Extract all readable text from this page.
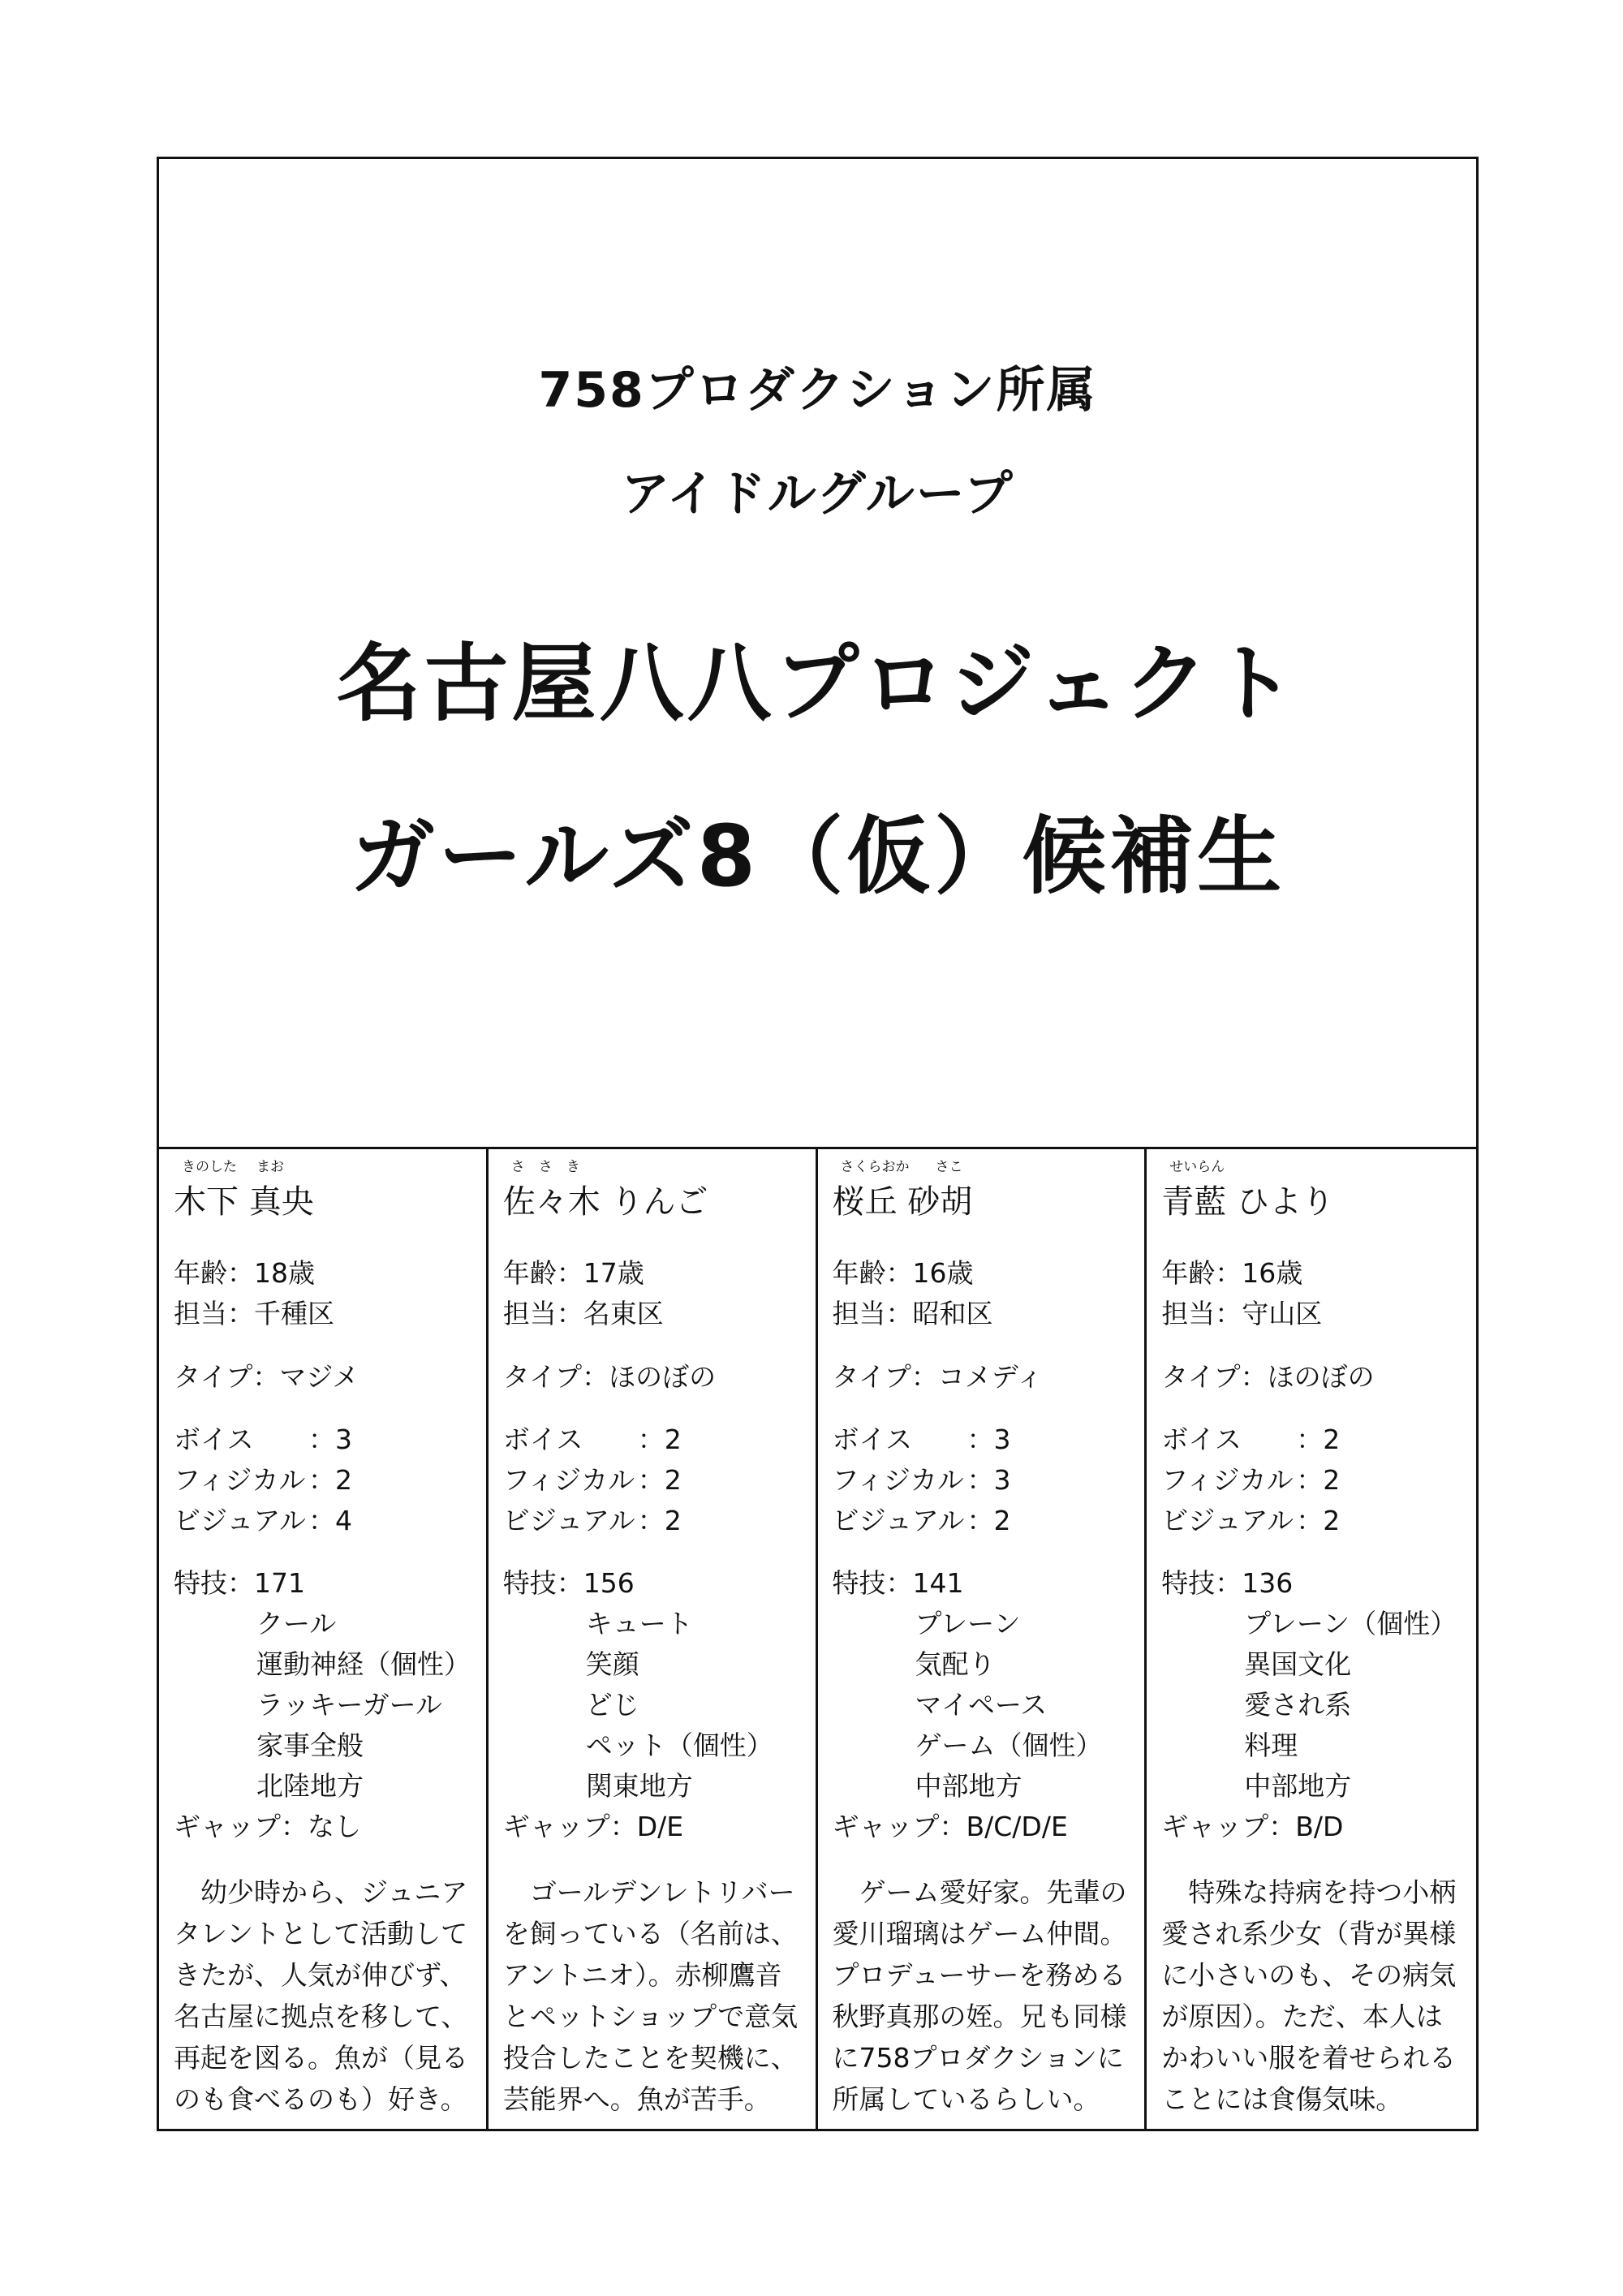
758プロダクション所属
アイドルグループ
名古屋八八プロジェクト
ガールズ8（仮）候補生
きのした まお
木下 真央
年齢：18歳
担当：千種区
タイプ：マジメ
ボイス ：3
フィジカル ：2
ビジュアル：4
特技：171
クール
運動神経（個性）
ラッキーガール
家事全般
北陸地方
ギャップ：なし
　幼少時から、ジュニア
タレントとして活動して
きたが、人気が伸びず、
名古屋に拠点を移して、
再起を図る。魚が（見る
のも食べるのも）好き。
さ　さ　き
佐々木 りんご
年齢：17歳
担当：名東区
タイプ：ほのぼの
ボイス ：2
フィジカル ：2
ビジュアル：2
特技：156
キュート
笑顔
どじ
ペット（個性）
関東地方
ギャップ：D/E
　ゴールデンレトリバー
を飼っている（名前は、
アントニオ）。赤柳鷹音
とペットショップで意気
投合したことを契機に、
芸能界へ。魚が苦手。
さくらおか さこ
桜丘 砂胡
年齢：16歳
担当：昭和区
タイプ：コメディ
ボイス ：3
フィジカル ：3
ビジュアル：2
特技：141
プレーン
気配り
マイペース
ゲーム（個性）
中部地方
ギャップ：B/C/D/E
　ゲーム愛好家。先輩の
愛川瑠璃はゲーム仲間。
プロデューサーを務める
秋野真那の姪。兄も同様
に758プロダクションに
所属しているらしい。
せいらん
青藍 ひより
年齢：16歳
担当：守山区
タイプ：ほのぼの
ボイス ：2
フィジカル ：2
ビジュアル：2
特技：136
プレーン（個性）
異国文化
愛され系
料理
中部地方
ギャップ：B/D
　特殊な持病を持つ小柄
愛され系少女（背が異様
に小さいのも、その病気
が原因）。ただ、本人は
かわいい服を着せられる
ことには食傷気味。
